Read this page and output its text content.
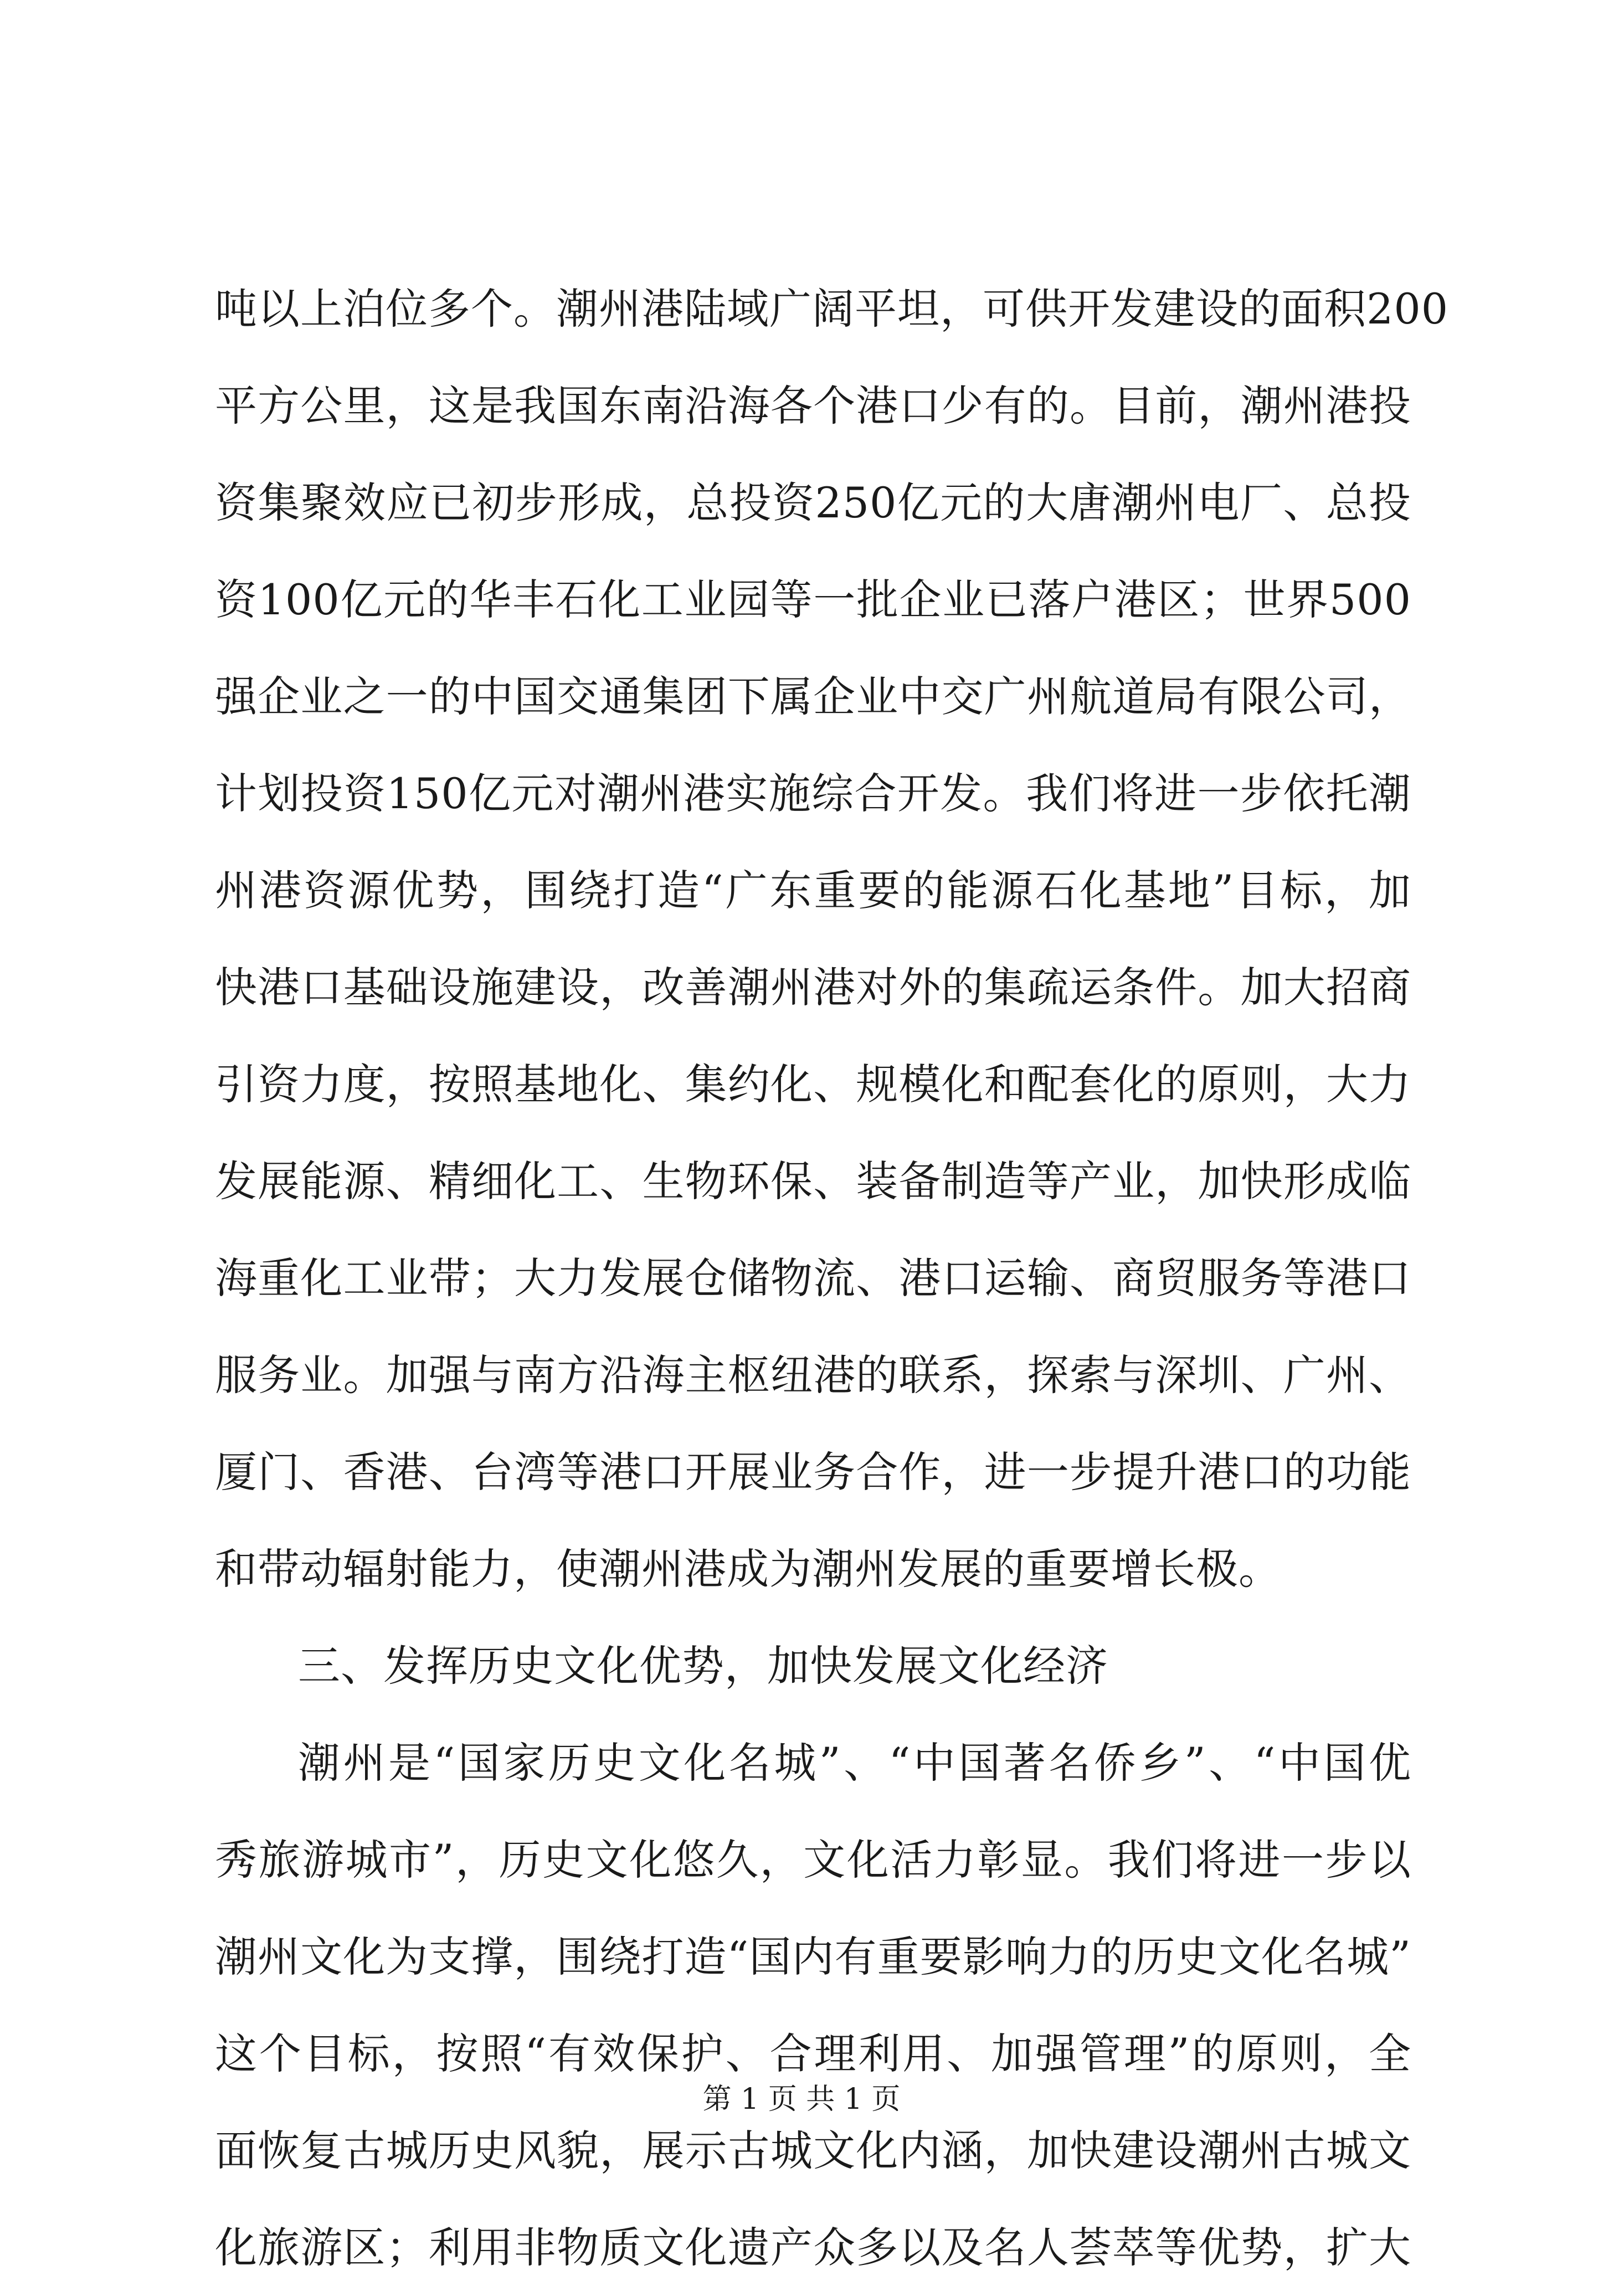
吨以上泊位多个。潮州港陆域广阔平坦，可供开发建设的面积200
平方公里，这是我国东南沿海各个港口少有的。目前，潮州港投
资集聚效应已初步形成，总投资250亿元的大唐潮州电厂、总投
资100亿元的华丰石化工业园等一批企业已落户港区；世界500
强企业之一的中国交通集团下属企业中交广州航道局有限公司，
计划投资150亿元对潮州港实施综合开发。我们将进一步依托潮
州港资源优势，围绕打造“广东重要的能源石化基地”目标，加
快港口基础设施建设，改善潮州港对外的集疏运条件。加大招商
引资力度，按照基地化、集约化、规模化和配套化的原则，大力
发展能源、精细化工、生物环保、装备制造等产业，加快形成临
海重化工业带；大力发展仓储物流、港口运输、商贸服务等港口
服务业。加强与南方沿海主枢纽港的联系，探索与深圳、广州、
厦门、香港、台湾等港口开展业务合作，进一步提升港口的功能
和带动辐射能力，使潮州港成为潮州发展的重要增长极。
三、发挥历史文化优势，加快发展文化经济
潮州是“国家历史文化名城”、“中国著名侨乡”、“中国优
秀旅游城市”，历史文化悠久，文化活力彰显。我们将进一步以
潮州文化为支撑，围绕打造“国内有重要影响力的历史文化名城”
这个目标，按照“有效保护、合理利用、加强管理”的原则，全
面恢复古城历史风貌，展示古城文化内涵，加快建设潮州古城文
化旅游区；利用非物质文化遗产众多以及名人荟萃等优势，扩大
第 1 页 共 1 页
